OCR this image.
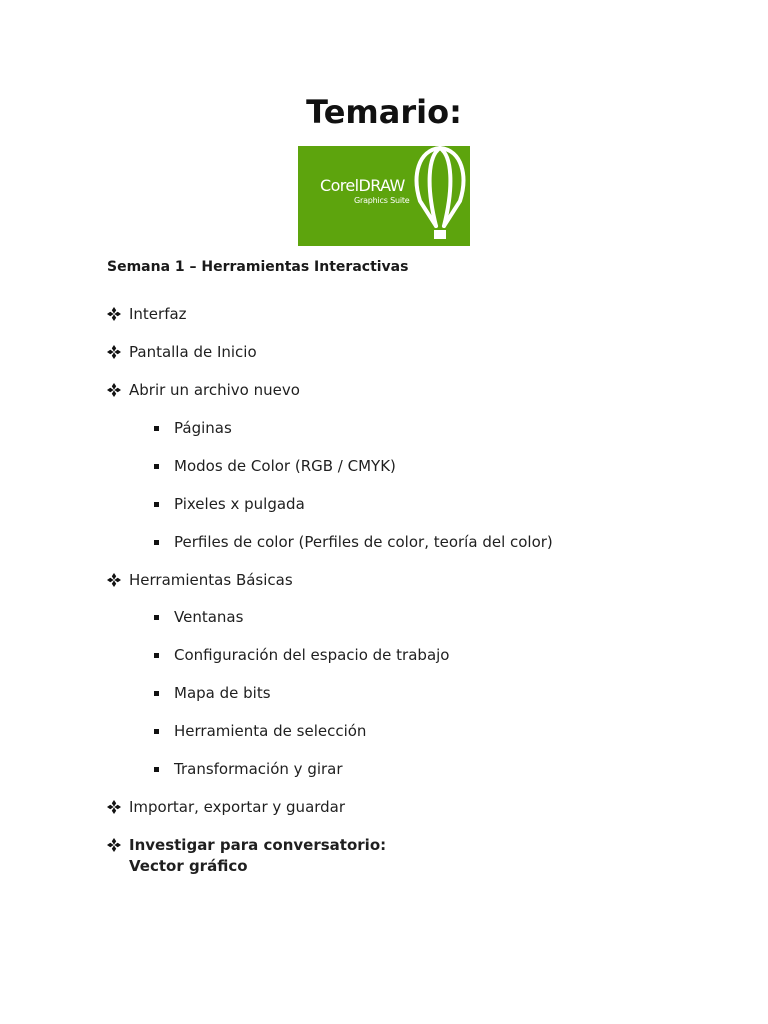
Temario:
CorelDRAW
Graphics Suite
Semana 1 – Herramientas Interactivas
Interfaz
Pantalla de Inicio
Abrir un archivo nuevo
Páginas
Modos de Color (RGB / CMYK)
Pixeles x pulgada
Perfiles de color (Perfiles de color, teoría del color)
Herramientas Básicas
Ventanas
Configuración del espacio de trabajo
Mapa de bits
Herramienta de selección
Transformación y girar
Importar, exportar y guardar
Investigar para conversatorio:
Vector gráfico
